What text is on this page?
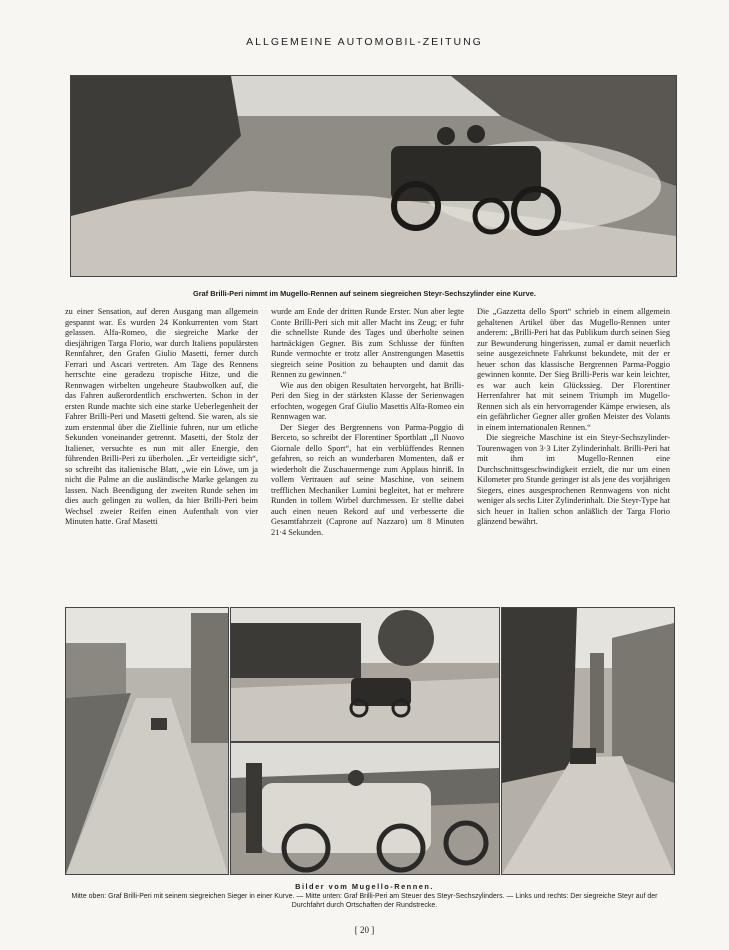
ALLGEMEINE AUTOMOBIL-ZEITUNG
Graf Brilli-Peri nimmt im Mugello-Rennen auf seinem siegreichen Steyr-Sechszylinder eine Kurve.

zu einer Sensation, auf deren Ausgang man allgemein gespannt war. Es wurden 24 Konkurrenten vom Start gelassen. Alfa-Romeo, die siegreiche Marke der diesjährigen Targa Florio, war durch Italiens populärsten Rennfahrer, den Grafen Giulio Masetti, ferner durch Ferrari und Ascari vertreten. Am Tage des Rennens herrschte eine geradezu tropische Hitze, und die Rennwagen wirbelten ungeheure Staubwolken auf, die das Fahren außerordentlich erschwerten. Schon in der ersten Runde machte sich eine starke Ueberlegenheit der Fahrer Brilli-Peri und Masetti geltend. Sie waren, als sie zum erstenmal über die Ziellinie fuhren, nur um etliche Sekunden voneinander getrennt. Masetti, der Stolz der Italiener, versuchte es nun mit aller Energie, den führenden Brilli-Peri zu überholen. „Er verteidigte sich“, so schreibt das italienische Blatt, „wie ein Löwe, um ja nicht die Palme an die ausländische Marke gelangen zu lassen. Nach Beendigung der zweiten Runde sehen im dies auch gelingen zu wollen, da hier Brilli-Peri beim Wechsel zweier Reifen einen Aufenthalt von vier Minuten hatte. Graf Masetti

wurde am Ende der dritten Runde Erster. Nun aber legte Conte Brilli-Peri sich mit aller Macht ins Zeug; er fuhr die schnellste Runde des Tages und überholte seinen hartnäckigen Gegner. Bis zum Schlusse der fünften Runde vermochte er trotz aller Anstrengungen Masettis siegreich seine Position zu behaupten und damit das Rennen zu gewinnen.“

Wie aus den obigen Resultaten hervorgeht, hat Brilli-Peri den Sieg in der stärksten Klasse der Serienwagen erfochten, wogegen Graf Giulio Masettis Alfa-Romeo ein Rennwagen war.

Der Sieger des Bergrennens von Parma-Poggio di Berceto, so schreibt der Florentiner Sportblatt „Il Nuovo Giornale dello Sport“, hat ein verblüffendes Rennen gefahren, so reich an wunderbaren Momenten, daß er wiederholt die Zuschauermenge zum Applaus hinriß. In vollem Vertrauen auf seine Maschine, von seinem trefflichen Mechaniker Lumini begleitet, hat er mehrere Runden in tollem Wirbel durchmessen. Er stellte dabei auch einen neuen Rekord auf und verbesserte die Gesamtfahrzeit (Caprone auf Nazzaro) um 8 Minuten 21·4 Sekunden.

Die „Gazzetta dello Sport“ schrieb in einem allgemein gehaltenen Artikel über das Mugello-Rennen unter anderem: „Brilli-Peri hat das Publikum durch seinen Sieg zur Bewunderung hingerissen, zumal er damit neuerlich seine ausgezeichnete Fahrkunst bekundete, mit der er heuer schon das klassische Bergrennen Parma-Poggio gewinnen konnte. Der Sieg Brilli-Peris war kein leichter, es war auch kein Glückssieg. Der Florentiner Herrenfahrer hat mit seinem Triumph im Mugello-Rennen sich als ein hervorragender Kämpe erwiesen, als ein gefährlicher Gegner aller großen Meister des Volants in einem internationalen Rennen.“

Die siegreiche Maschine ist ein Steyr-Sechszylinder-Tourenwagen von 3·3 Liter Zylinderinhalt. Brilli-Peri hat mit ihm im Mugello-Rennen eine Durchschnittsgeschwindigkeit erzielt, die nur um einen Kilometer pro Stunde geringer ist als jene des vorjährigen Siegers, eines ausgesprochenen Rennwagens von nicht weniger als sechs Liter Zylinderinhalt. Die Steyr-Type hat sich heuer in Italien schon anläßlich der Targa Florio glänzend bewährt.

Bilder vom Mugello-Rennen.
Mitte oben: Graf Brilli-Peri mit seinem siegreichen Sieger in einer Kurve. — Mitte unten: Graf Brilli-Peri am Steuer des Steyr-Sechszylinders. — Links und rechts: Der siegreiche Steyr auf der Durchfahrt durch Ortschaften der Rundstrecke.
[ 20 ]
